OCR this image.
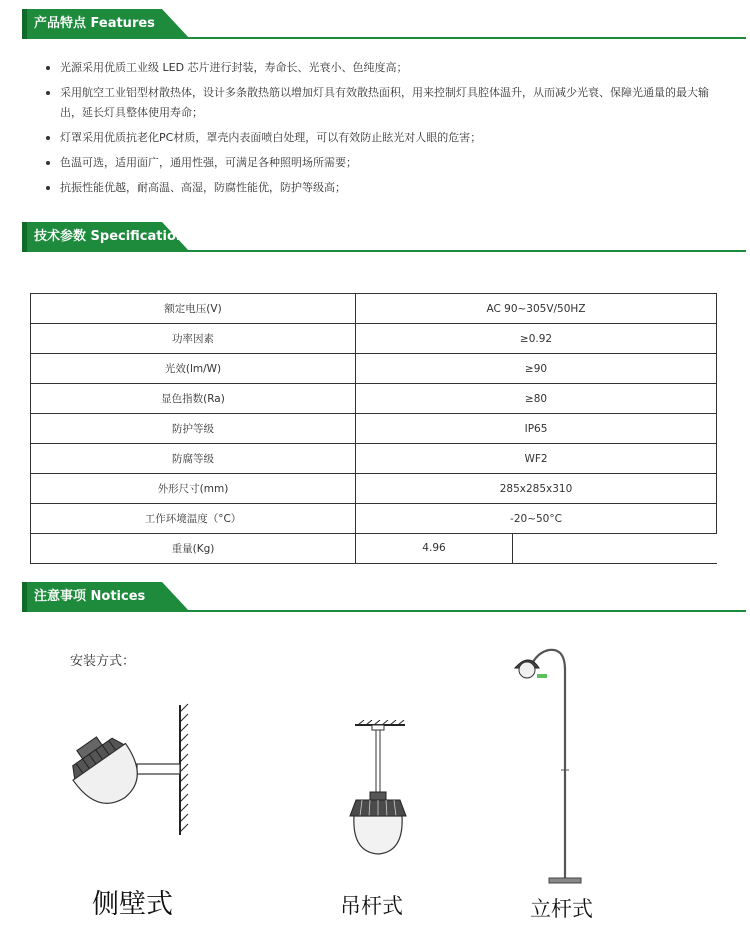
产品特点 Features
光源采用优质工业级 LED 芯片进行封装，寿命长、光衰小、色纯度高；
采用航空工业铝型材散热体，设计多条散热筋以增加灯具有效散热面积，用来控制灯具腔体温升，从而减少光衰、保障光通量的最大输出，延长灯具整体使用寿命；
灯罩采用优质抗老化PC材质，罩壳内表面喷白处理，可以有效防止眩光对人眼的危害；
色温可选，适用面广，通用性强，可满足各种照明场所需要；
抗振性能优越，耐高温、高湿，防腐性能优，防护等级高；
技术参数 Specifications
额定电压(V)	AC 90~305V/50HZ
功率因素	≥0.92
光效(lm/W)	≥90
显色指数(Ra)	≥80
防护等级	IP65
防腐等级	WF2
外形尺寸(mm)	285x285x310
工作环境温度（°C）	-20~50°C
重量(Kg)	4.96
注意事项 Notices
安装方式：
侧壁式	吊杆式	立杆式
